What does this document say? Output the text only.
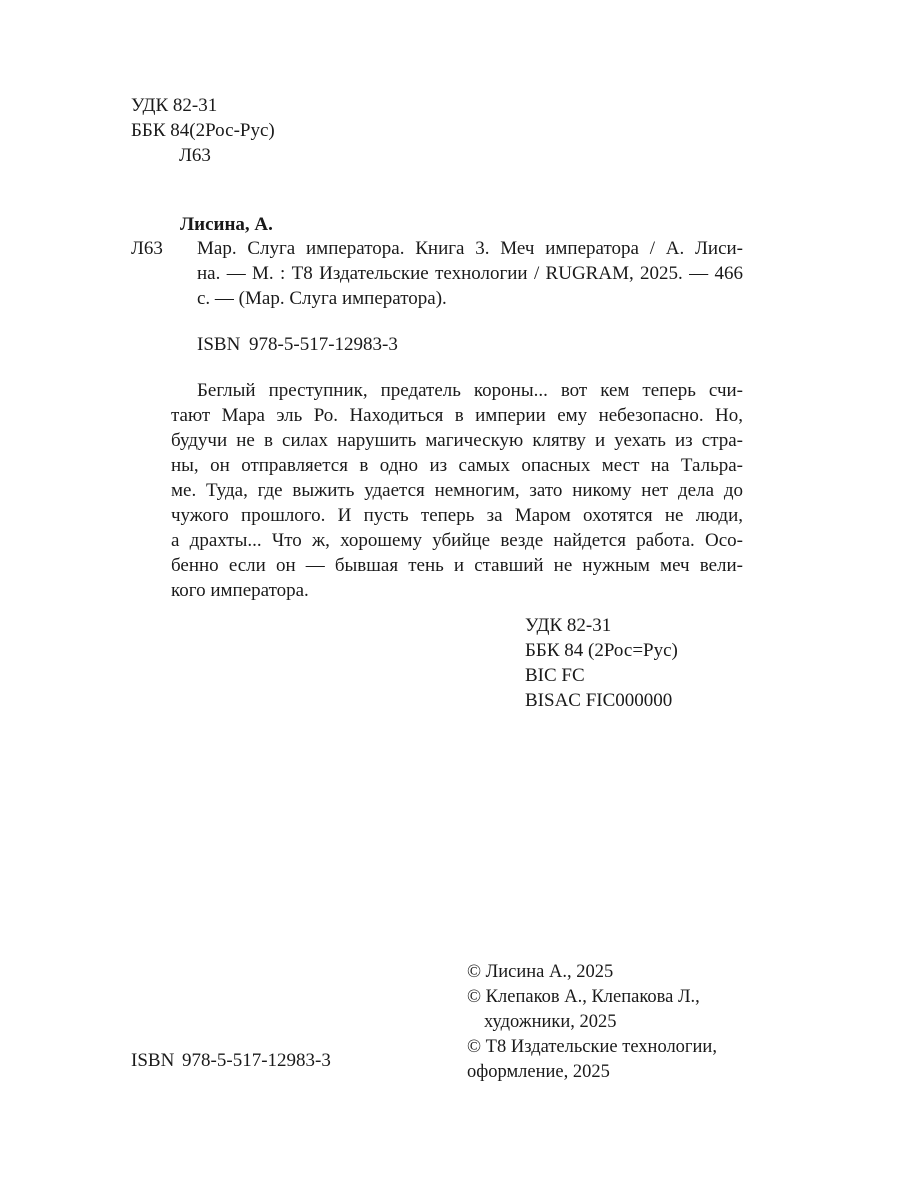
УДК 82-31
ББК 84(2Рос-Рус)
Л63
Лисина, А.
Л63 Мар. Слуга императора. Книга 3. Меч императора / А. Лиси-
на. — М. : Т8 Издательские технологии / RUGRAM, 2025. — 466
с. — (Мар. Слуга императора).
ISBN 978-5-517-12983-3
Беглый преступник, предатель короны... вот кем теперь счи-
тают Мара эль Ро. Находиться в империи ему небезопасно. Но,
будучи не в силах нарушить магическую клятву и уехать из стра-
ны, он отправляется в одно из самых опасных мест на Тальра-
ме. Туда, где выжить удается немногим, зато никому нет дела до
чужого прошлого. И пусть теперь за Маром охотятся не люди,
а драхты... Что ж, хорошему убийце везде найдется работа. Осо-
бенно если он — бывшая тень и ставший не нужным меч вели-
кого императора.
УДК 82-31
ББК 84 (2Рос=Рус)
BIC FC
BISAC FIC000000
© Лисина А., 2025
© Клепаков А., Клепакова Л.,
художники, 2025
© Т8 Издательские технологии,
оформление, 2025
ISBN 978-5-517-12983-3
